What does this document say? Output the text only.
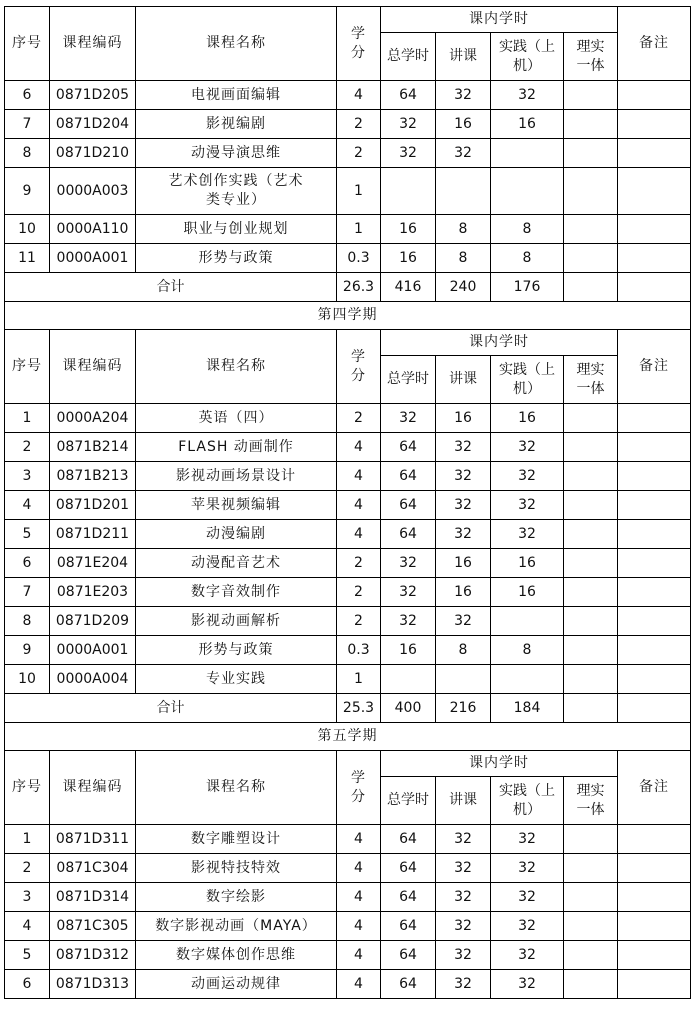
序号	课程编码	课程名称	学分	课内学时				备注
				总学时	讲课	实践（上机）	理实一体	
6	0871D205	电视画面编辑	4	64	32	32		
7	0871D204	影视编剧	2	32	16	16		
8	0871D210	动漫导演思维	2	32	32			
9	0000A003	艺术创作实践（艺术类专业）	1					
10	0000A110	职业与创业规划	1	16	8	8		
11	0000A001	形势与政策	0.3	16	8	8		
合计			26.3	416	240	176		
第四学期								
序号	课程编码	课程名称	学分	课内学时				备注
				总学时	讲课	实践（上机）	理实一体	
1	0000A204	英语（四）	2	32	16	16		
2	0871B214	FLASH 动画制作	4	64	32	32		
3	0871B213	影视动画场景设计	4	64	32	32		
4	0871D201	苹果视频编辑	4	64	32	32		
5	0871D211	动漫编剧	4	64	32	32		
6	0871E204	动漫配音艺术	2	32	16	16		
7	0871E203	数字音效制作	2	32	16	16		
8	0871D209	影视动画解析	2	32	32			
9	0000A001	形势与政策	0.3	16	8	8		
10	0000A004	专业实践	1					
合计			25.3	400	216	184		
第五学期								
序号	课程编码	课程名称	学分	课内学时				备注
				总学时	讲课	实践（上机）	理实一体	
1	0871D311	数字雕塑设计	4	64	32	32		
2	0871C304	影视特技特效	4	64	32	32		
3	0871D314	数字绘影	4	64	32	32		
4	0871C305	数字影视动画（MAYA）	4	64	32	32		
5	0871D312	数字媒体创作思维	4	64	32	32		
6	0871D313	动画运动规律	4	64	32	32		
